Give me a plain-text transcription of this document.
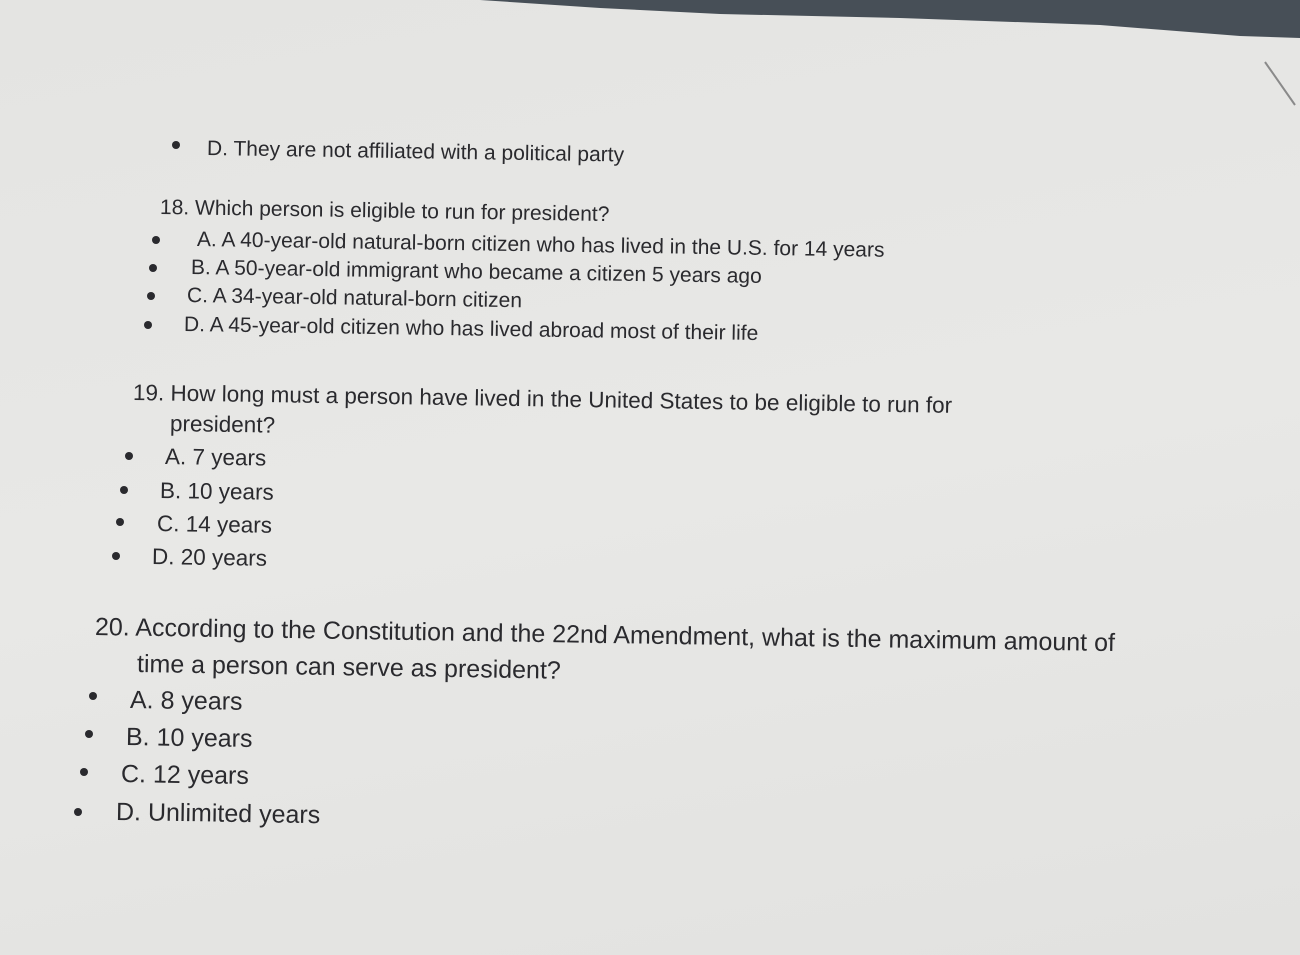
D. They are not affiliated with a political party
18. Which person is eligible to run for president?
A. A 40-year-old natural-born citizen who has lived in the U.S. for 14 years
B. A 50-year-old immigrant who became a citizen 5 years ago
C. A 34-year-old natural-born citizen
D. A 45-year-old citizen who has lived abroad most of their life
19. How long must a person have lived in the United States to be eligible to run for
president?
A. 7 years
B. 10 years
C. 14 years
D. 20 years
20. According to the Constitution and the 22nd Amendment, what is the maximum amount of
time a person can serve as president?
A. 8 years
B. 10 years
C. 12 years
D. Unlimited years
